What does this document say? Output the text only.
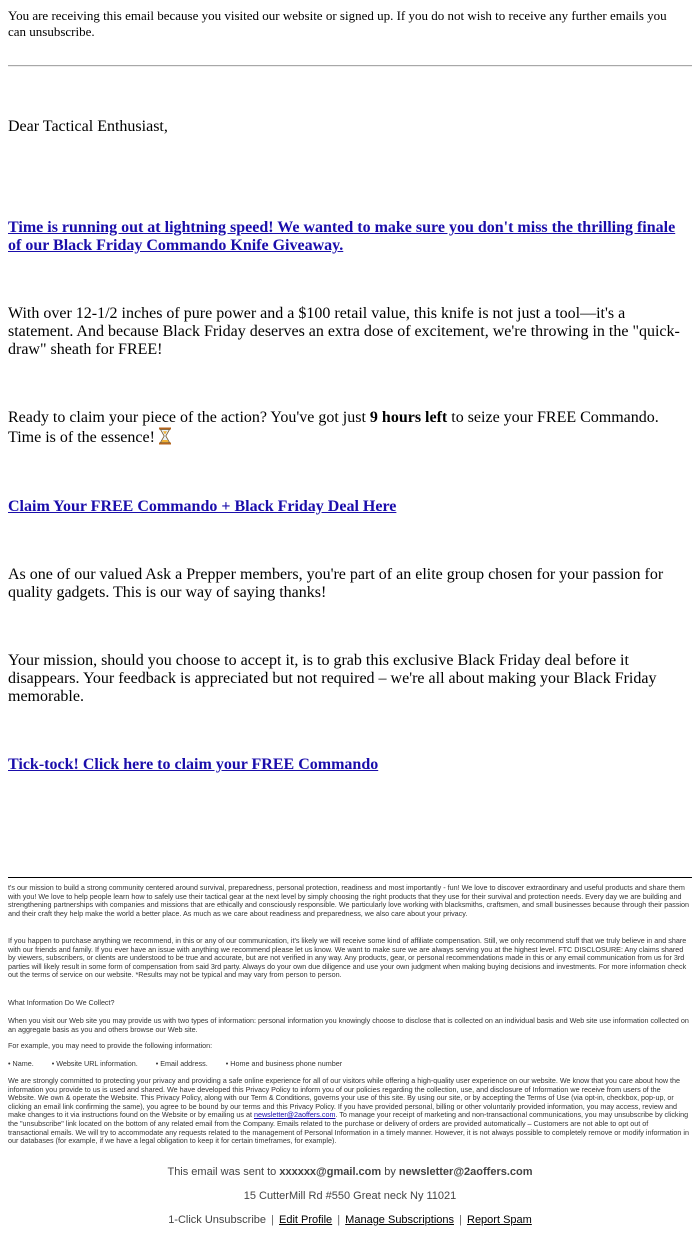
You are receiving this email because you visited our website or signed up. If you do not wish to receive any further emails you can unsubscribe.
Dear Tactical Enthusiast,
Time is running out at lightning speed! We wanted to make sure you don't miss the thrilling finale of our Black Friday Commando Knife Giveaway.
With over 12-1/2 inches of pure power and a $100 retail value, this knife is not just a tool—it's a statement. And because Black Friday deserves an extra dose of excitement, we're throwing in the "quick-draw" sheath for FREE!
Ready to claim your piece of the action? You've got just 9 hours left to seize your FREE Commando. Time is of the essence!
Claim Your FREE Commando + Black Friday Deal Here
As one of our valued Ask a Prepper members, you're part of an elite group chosen for your passion for quality gadgets. This is our way of saying thanks!
Your mission, should you choose to accept it, is to grab this exclusive Black Friday deal before it disappears. Your feedback is appreciated but not required – we're all about making your Black Friday memorable.
Tick-tock! Click here to claim your FREE Commando
t's our mission to build a strong community centered around survival, preparedness, personal protection, readiness and most importantly - fun! We love to discover extraordinary and useful products and share them with you! We love to help people learn how to safely use their tactical gear at the next level by simply choosing the right products that they use for their survival and protection needs. Every day we are building and strengthening partnerships with companies and missions that are ethically and consciously responsible. We particularly love working with blacksmiths, craftsmen, and small businesses because through their passion and their craft they help make the world a better place. As much as we care about readiness and preparedness, we also care about your privacy.
If you happen to purchase anything we recommend, in this or any of our communication, it's likely we will receive some kind of affiliate compensation. Still, we only recommend stuff that we truly believe in and share with our friends and family. If you ever have an issue with anything we recommend please let us know. We want to make sure we are always serving you at the highest level. FTC DISCLOSURE: Any claims shared by viewers, subscribers, or clients are understood to be true and accurate, but are not verified in any way. Any products, gear, or personal recommendations made in this or any email communication from us for 3rd parties will likely result in some form of compensation from said 3rd party. Always do your own due diligence and use your own judgment when making buying decisions and investments. For more information check out the terms of service on our website. *Results may not be typical and may vary from person to person.
What Information Do We Collect?
When you visit our Web site you may provide us with two types of information: personal information you knowingly choose to disclose that is collected on an individual basis and Web site use information collected on an aggregate basis as you and others browse our Web site.
For example, you may need to provide the following information:
• Name.	• Website URL information.	• Email address.	• Home and business phone number
We are strongly committed to protecting your privacy and providing a safe online experience for all of our visitors while offering a high-quality user experience on our website. We know that you care about how the information you provide to us is used and shared. We have developed this Privacy Policy to inform you of our policies regarding the collection, use, and disclosure of Information we receive from users of the Website. We own & operate the Website. This Privacy Policy, along with our Term & Conditions, governs your use of this site. By using our site, or by accepting the Terms of Use (via opt-in, checkbox, pop-up, or clicking an email link confirming the same), you agree to be bound by our terms and this Privacy Policy. If you have provided personal, billing or other voluntarily provided information, you may access, review and make changes to it via instructions found on the Website or by emailing us at newsletter@2aoffers.com. To manage your receipt of marketing and non-transactional communications, you may unsubscribe by clicking the "unsubscribe" link located on the bottom of any related email from the Company. Emails related to the purchase or delivery of orders are provided automatically – Customers are not able to opt out of transactional emails. We will try to accommodate any requests related to the management of Personal Information in a timely manner. However, it is not always possible to completely remove or modify information in our databases (for example, if we have a legal obligation to keep it for certain timeframes, for example).
This email was sent to xxxxxx@gmail.com by newsletter@2aoffers.com
15 CutterMill Rd #550 Great neck Ny 11021
1-Click Unsubscribe | Edit Profile | Manage Subscriptions | Report Spam
